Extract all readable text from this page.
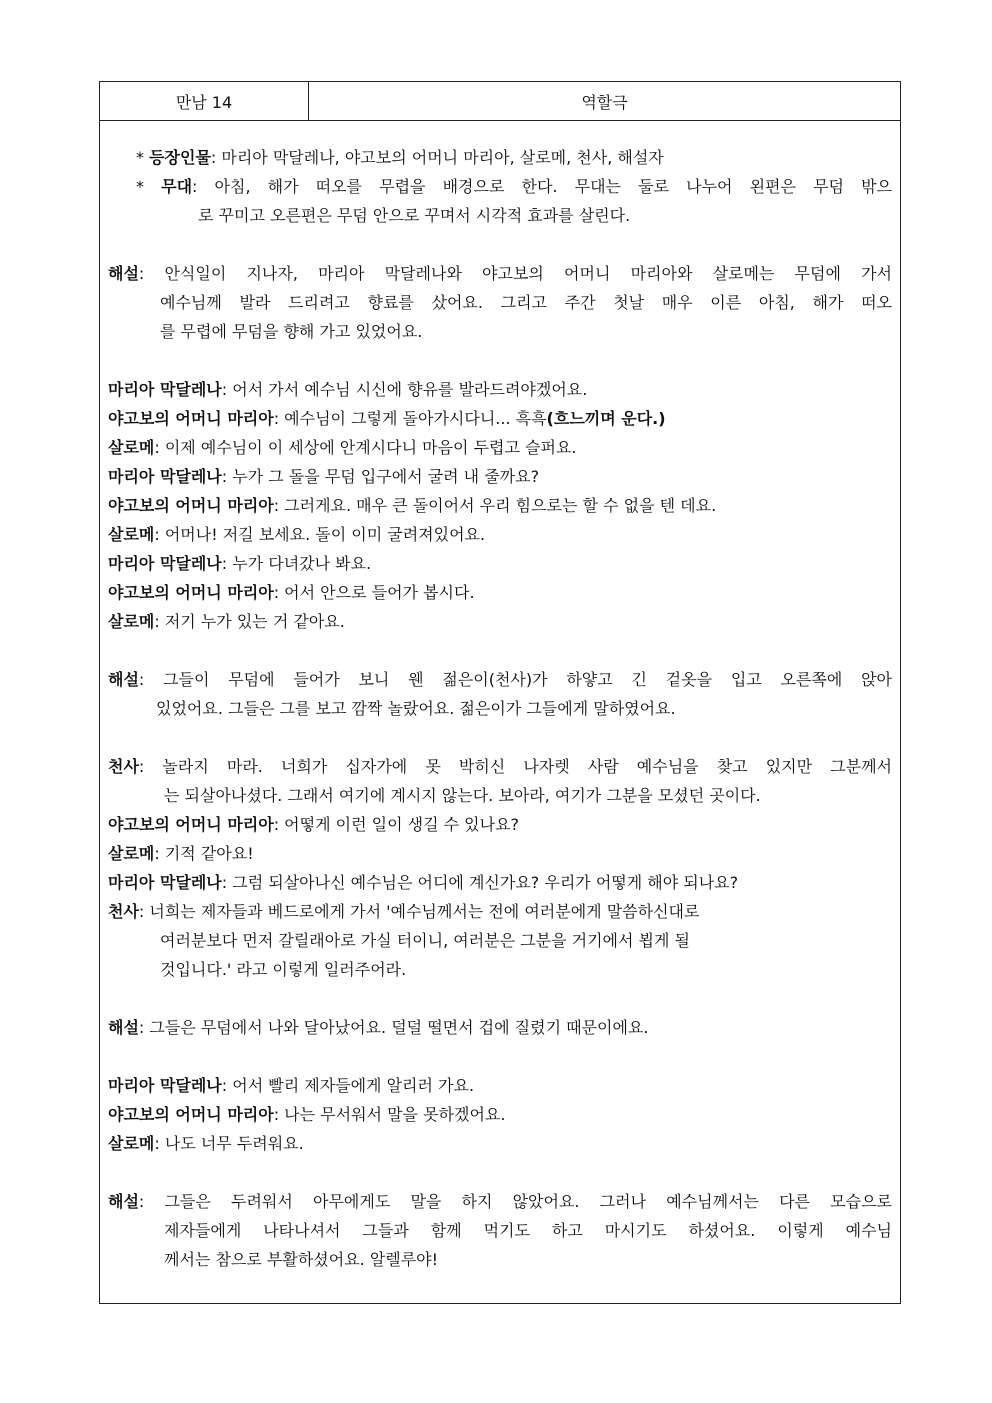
만남 14	역할극
* 등장인물: 마리아 막달레나, 야고보의 어머니 마리아, 살로메, 천사, 해설자
* 무대: 아침, 해가 떠오를 무렵을 배경으로 한다. 무대는 둘로 나누어 왼편은 무덤 밖으
로 꾸미고 오른편은 무덤 안으로 꾸며서 시각적 효과를 살린다.
해설: 안식일이 지나자, 마리아 막달레나와 야고보의 어머니 마리아와 살로메는 무덤에 가서
예수님께 발라 드리려고 향료를 샀어요. 그리고 주간 첫날 매우 이른 아침, 해가 떠오
를 무렵에 무덤을 향해 가고 있었어요.
마리아 막달레나: 어서 가서 예수님 시신에 향유를 발라드려야겠어요.
야고보의 어머니 마리아: 예수님이 그렇게 돌아가시다니... 흑흑(흐느끼며 운다.)
살로메: 이제 예수님이 이 세상에 안계시다니 마음이 두렵고 슬퍼요.
마리아 막달레나: 누가 그 돌을 무덤 입구에서 굴려 내 줄까요?
야고보의 어머니 마리아: 그러게요. 매우 큰 돌이어서 우리 힘으로는 할 수 없을 텐 데요.
살로메: 어머나! 저길 보세요. 돌이 이미 굴려져있어요.
마리아 막달레나: 누가 다녀갔나 봐요.
야고보의 어머니 마리아: 어서 안으로 들어가 봅시다.
살로메: 저기 누가 있는 거 같아요.
해설: 그들이 무덤에 들어가 보니 웬 젊은이(천사)가 하얗고 긴 겉옷을 입고 오른쪽에 앉아
있었어요. 그들은 그를 보고 깜짝 놀랐어요. 젊은이가 그들에게 말하였어요.
천사: 놀라지 마라. 너희가 십자가에 못 박히신 나자렛 사람 예수님을 찾고 있지만 그분께서
는 되살아나셨다. 그래서 여기에 계시지 않는다. 보아라, 여기가 그분을 모셨던 곳이다.
야고보의 어머니 마리아: 어떻게 이런 일이 생길 수 있나요?
살로메: 기적 같아요!
마리아 막달레나: 그럼 되살아나신 예수님은 어디에 계신가요? 우리가 어떻게 해야 되나요?
천사: 너희는 제자들과 베드로에게 가서 '예수님께서는 전에 여러분에게 말씀하신대로
여러분보다 먼저 갈릴래아로 가실 터이니, 여러분은 그분을 거기에서 뵙게 될
것입니다.' 라고 이렇게 일러주어라.
해설: 그들은 무덤에서 나와 달아났어요. 덜덜 떨면서 겁에 질렸기 때문이에요.
마리아 막달레나: 어서 빨리 제자들에게 알리러 가요.
야고보의 어머니 마리아: 나는 무서워서 말을 못하겠어요.
살로메: 나도 너무 두려워요.
해설: 그들은 두려워서 아무에게도 말을 하지 않았어요. 그러나 예수님께서는 다른 모습으로
제자들에게 나타나셔서 그들과 함께 먹기도 하고 마시기도 하셨어요. 이렇게 예수님
께서는 참으로 부활하셨어요. 알렐루야!
